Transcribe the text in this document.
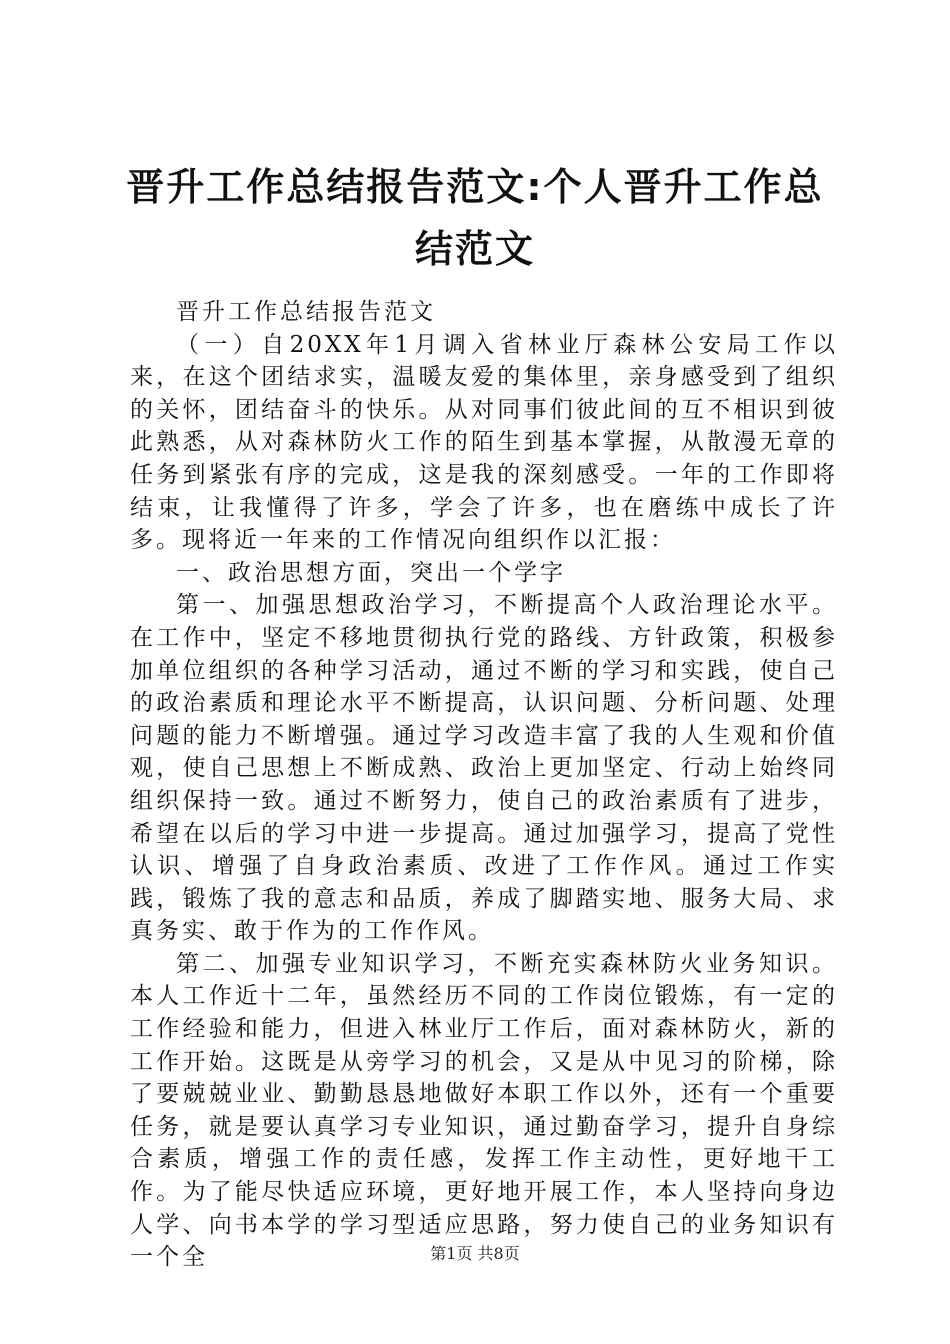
晋升工作总结报告范文:个人晋升工作总结范文

晋升工作总结报告范文

（一）自20XX年1月调入省林业厅森林公安局工作以来，在这个团结求实，温暖友爱的集体里，亲身感受到了组织的关怀，团结奋斗的快乐。从对同事们彼此间的互不相识到彼此熟悉，从对森林防火工作的陌生到基本掌握，从散漫无章的任务到紧张有序的完成，这是我的深刻感受。一年的工作即将结束，让我懂得了许多，学会了许多，也在磨练中成长了许多。现将近一年来的工作情况向组织作以汇报：

一、政治思想方面，突出一个学字

第一、加强思想政治学习，不断提高个人政治理论水平。在工作中，坚定不移地贯彻执行党的路线、方针政策，积极参加单位组织的各种学习活动，通过不断的学习和实践，使自己的政治素质和理论水平不断提高，认识问题、分析问题、处理问题的能力不断增强。通过学习改造丰富了我的人生观和价值观，使自己思想上不断成熟、政治上更加坚定、行动上始终同组织保持一致。通过不断努力，使自己的政治素质有了进步，希望在以后的学习中进一步提高。通过加强学习，提高了党性认识、增强了自身政治素质、改进了工作作风。通过工作实践，锻炼了我的意志和品质，养成了脚踏实地、服务大局、求真务实、敢于作为的工作作风。

第二、加强专业知识学习，不断充实森林防火业务知识。本人工作近十二年，虽然经历不同的工作岗位锻炼，有一定的工作经验和能力，但进入林业厅工作后，面对森林防火，新的工作开始。这既是从旁学习的机会，又是从中见习的阶梯，除了要兢兢业业、勤勤恳恳地做好本职工作以外，还有一个重要任务，就是要认真学习专业知识，通过勤奋学习，提升自身综合素质，增强工作的责任感，发挥工作主动性，更好地干工作。为了能尽快适应环境，更好地开展工作，本人坚持向身边人学、向书本学的学习型适应思路，努力使自己的业务知识有一个全	第1页 共8页
